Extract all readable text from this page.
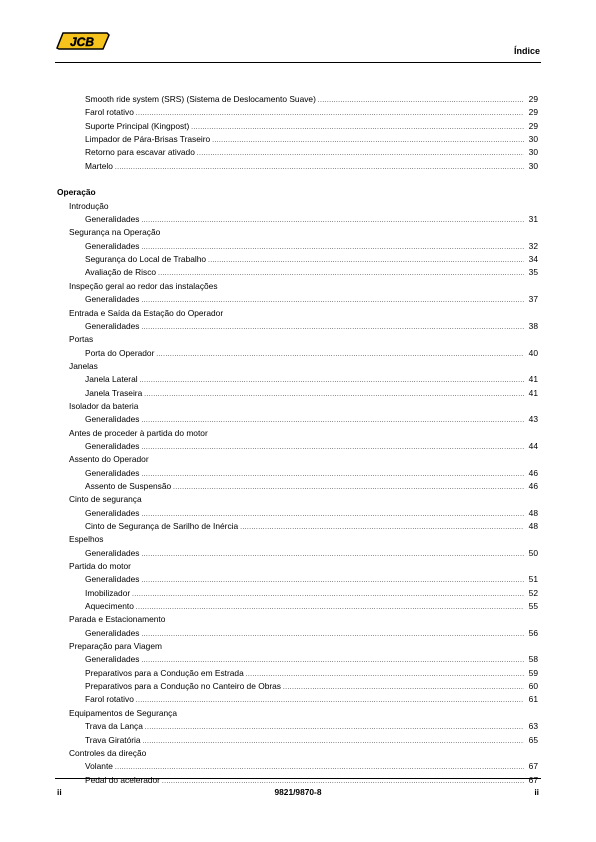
JCB
Índice
Smooth ride system (SRS) (Sistema de Deslocamento Suave) .....	29
Farol rotativo .....	29
Suporte Principal (Kingpost) .....	29
Limpador de Pára-Brisas Traseiro .....	30
Retorno para escavar ativado .....	30
Martelo .....	30
Operação
Introdução
Generalidades .....	31
Segurança na Operação
Generalidades .....	32
Segurança do Local de Trabalho .....	34
Avaliação de Risco .....	35
Inspeção geral ao redor das instalações
Generalidades .....	37
Entrada e Saída da Estação do Operador
Generalidades .....	38
Portas
Porta do Operador .....	40
Janelas
Janela Lateral .....	41
Janela Traseira .....	41
Isolador da bateria
Generalidades .....	43
Antes de proceder à partida do motor
Generalidades .....	44
Assento do Operador
Generalidades .....	46
Assento de Suspensão .....	46
Cinto de segurança
Generalidades .....	48
Cinto de Segurança de Sarilho de Inércia .....	48
Espelhos
Generalidades .....	50
Partida do motor
Generalidades .....	51
Imobilizador .....	52
Aquecimento .....	55
Parada e Estacionamento
Generalidades .....	56
Preparação para Viagem
Generalidades .....	58
Preparativos para a Condução em Estrada .....	59
Preparativos para a Condução no Canteiro de Obras .....	60
Farol rotativo .....	61
Equipamentos de Segurança
Trava da Lança .....	63
Trava Giratória .....	65
Controles da direção
Volante .....	67
Pedal do acelerador .....	67
ii	9821/9870-8	ii
